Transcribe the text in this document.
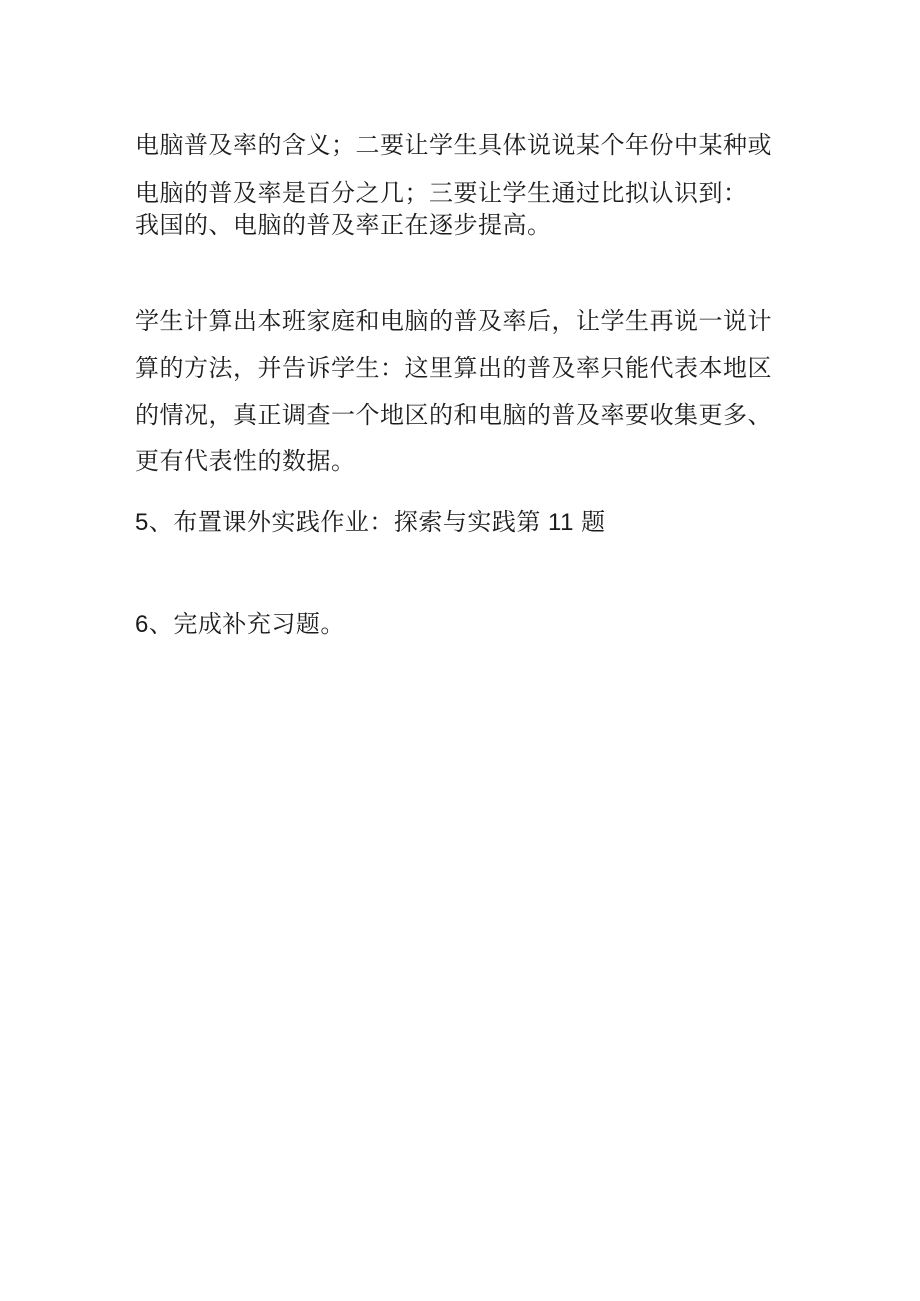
电脑普及率的含义；二要让学生具体说说某个年份中某种或
电脑的普及率是百分之几；三要让学生通过比拟认识到：
我国的、电脑的普及率正在逐步提高。
学生计算出本班家庭和电脑的普及率后，让学生再说一说计
算的方法，并告诉学生：这里算出的普及率只能代表本地区
的情况，真正调查一个地区的和电脑的普及率要收集更多、
更有代表性的数据。
5、布置课外实践作业：探索与实践第 11 题
6、完成补充习题。
